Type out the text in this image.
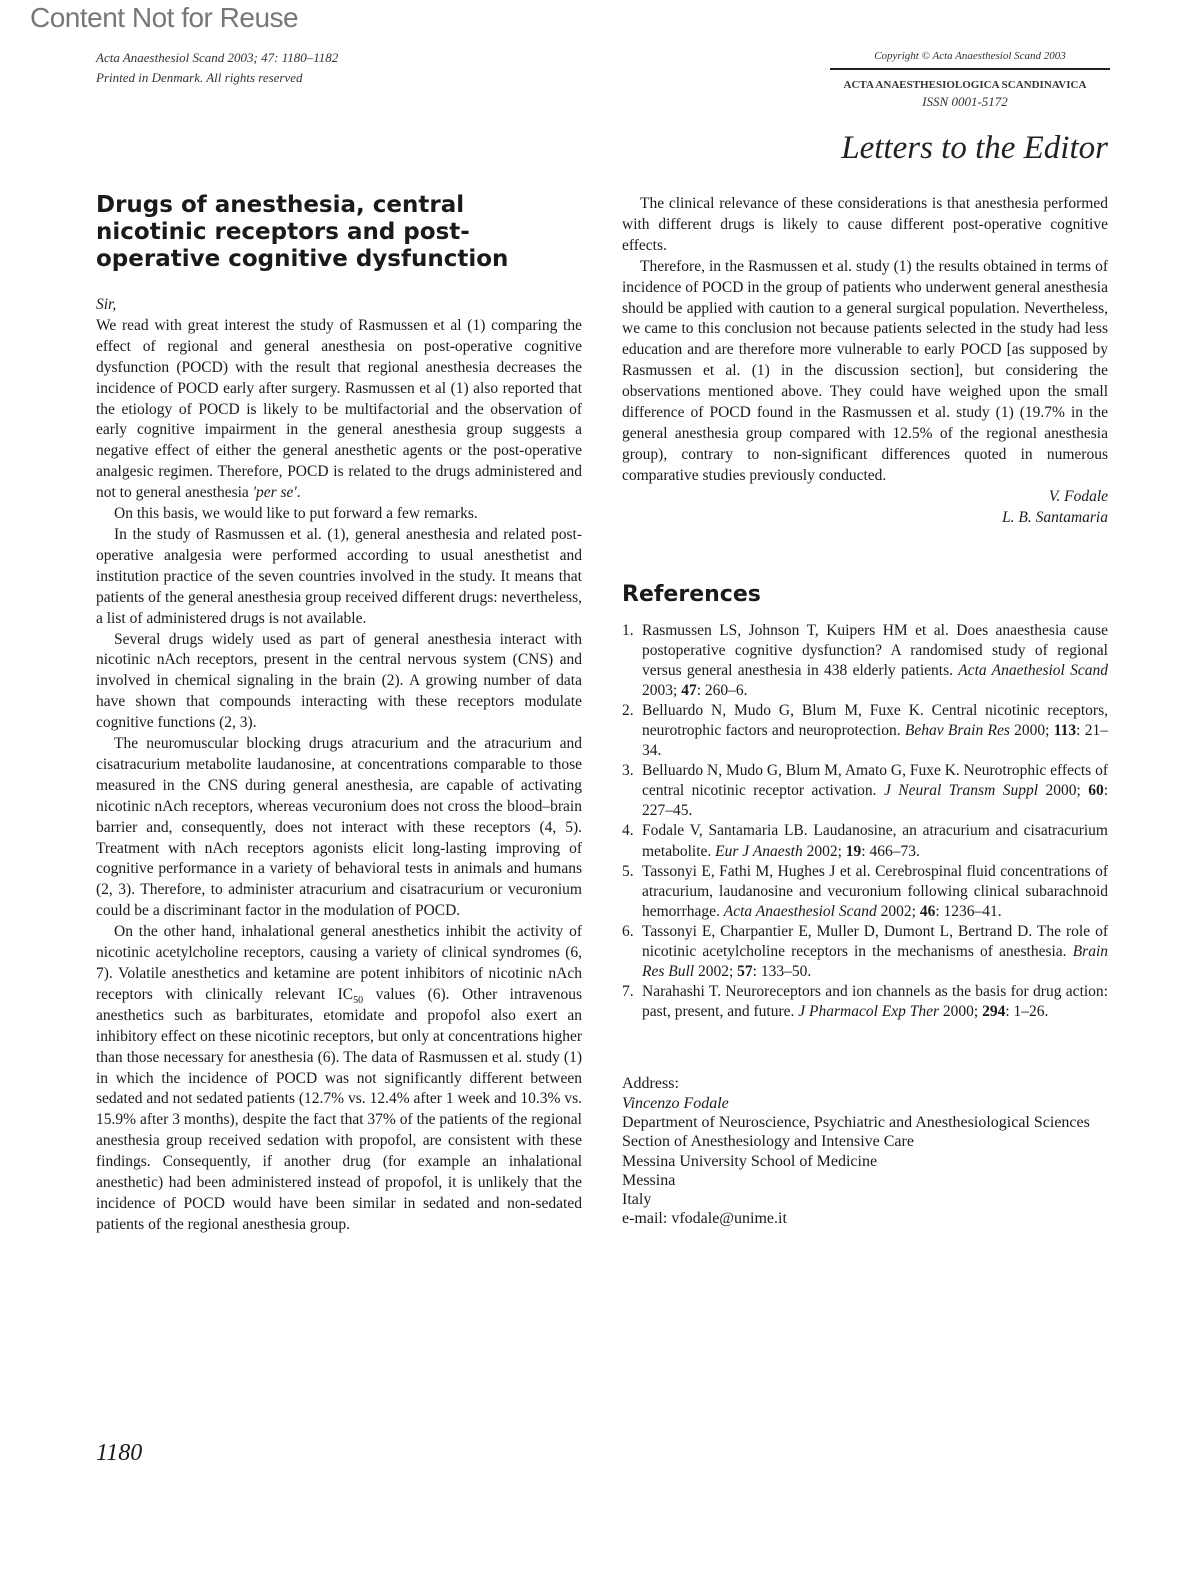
Content Not for Reuse
Acta Anaesthesiol Scand 2003; 47: 1180–1182
Printed in Denmark. All rights reserved
Copyright © Acta Anaesthesiol Scand 2003
ACTA ANAESTHESIOLOGICA SCANDINAVICA
ISSN 0001-5172
Letters to the Editor
Drugs of anesthesia, central nicotinic receptors and post-operative cognitive dysfunction

Sir,

We read with great interest the study of Rasmussen et al (1) comparing the effect of regional and general anesthesia on post-operative cognitive dysfunction (POCD) with the result that regional anesthesia decreases the incidence of POCD early after surgery. Rasmussen et al (1) also reported that the etiology of POCD is likely to be multifactorial and the observation of early cognitive impairment in the general anesthesia group suggests a negative effect of either the general anesthetic agents or the post-operative analgesic regimen. Therefore, POCD is related to the drugs administered and not to general anesthesia 'per se'.

On this basis, we would like to put forward a few remarks.

In the study of Rasmussen et al. (1), general anesthesia and related post-operative analgesia were performed according to usual anesthetist and institution practice of the seven countries involved in the study. It means that patients of the general anesthesia group received different drugs: nevertheless, a list of administered drugs is not available.

Several drugs widely used as part of general anesthesia interact with nicotinic nAch receptors, present in the central nervous system (CNS) and involved in chemical signaling in the brain (2). A growing number of data have shown that compounds interacting with these receptors modulate cognitive functions (2, 3).

The neuromuscular blocking drugs atracurium and the atracurium and cisatracurium metabolite laudanosine, at concentrations comparable to those measured in the CNS during general anesthesia, are capable of activating nicotinic nAch receptors, whereas vecuronium does not cross the blood–brain barrier and, consequently, does not interact with these receptors (4, 5). Treatment with nAch receptors agonists elicit long-lasting improving of cognitive performance in a variety of behavioral tests in animals and humans (2, 3). Therefore, to administer atracurium and cisatracurium or vecuronium could be a discriminant factor in the modulation of POCD.

On the other hand, inhalational general anesthetics inhibit the activity of nicotinic acetylcholine receptors, causing a variety of clinical syndromes (6, 7). Volatile anesthetics and ketamine are potent inhibitors of nicotinic nAch receptors with clinically relevant $IC_{50}$ values (6). Other intravenous anesthetics such as barbiturates, etomidate and propofol also exert an inhibitory effect on these nicotinic receptors, but only at concentrations higher than those necessary for anesthesia (6). The data of Rasmussen et al. study (1) in which the incidence of POCD was not significantly different between sedated and not sedated patients (12.7% vs. 12.4% after 1 week and 10.3% vs. 15.9% after 3 months), despite the fact that 37% of the patients of the regional anesthesia group received sedation with propofol, are consistent with these findings. Consequently, if another drug (for example an inhalational anesthetic) had been administered instead of propofol, it is unlikely that the incidence of POCD would have been similar in sedated and non-sedated patients of the regional anesthesia group.

The clinical relevance of these considerations is that anesthesia performed with different drugs is likely to cause different post-operative cognitive effects.

Therefore, in the Rasmussen et al. study (1) the results obtained in terms of incidence of POCD in the group of patients who underwent general anesthesia should be applied with caution to a general surgical population. Nevertheless, we came to this conclusion not because patients selected in the study had less education and are therefore more vulnerable to early POCD [as supposed by Rasmussen et al. (1) in the discussion section], but considering the observations mentioned above. They could have weighed upon the small difference of POCD found in the Rasmussen et al. study (1) (19.7% in the general anesthesia group compared with 12.5% of the regional anesthesia group), contrary to non-significant differences quoted in numerous comparative studies previously conducted.

V. Fodale

L. B. Santamaria

References
1. Rasmussen LS, Johnson T, Kuipers HM et al. Does anaesthesia cause postoperative cognitive dysfunction? A randomised study of regional versus general anesthesia in 438 elderly patients. Acta Anaethesiol Scand 2003; 47: 260–6.
2. Belluardo N, Mudo G, Blum M, Fuxe K. Central nicotinic receptors, neurotrophic factors and neuroprotection. Behav Brain Res 2000; 113: 21–34.
3. Belluardo N, Mudo G, Blum M, Amato G, Fuxe K. Neurotrophic effects of central nicotinic receptor activation. J Neural Transm Suppl 2000; 60: 227–45.
4. Fodale V, Santamaria LB. Laudanosine, an atracurium and cisatracurium metabolite. Eur J Anaesth 2002; 19: 466–73.
5. Tassonyi E, Fathi M, Hughes J et al. Cerebrospinal fluid concentrations of atracurium, laudanosine and vecuronium following clinical subarachnoid hemorrhage. Acta Anaesthesiol Scand 2002; 46: 1236–41.
6. Tassonyi E, Charpantier E, Muller D, Dumont L, Bertrand D. The role of nicotinic acetylcholine receptors in the mechanisms of anesthesia. Brain Res Bull 2002; 57: 133–50.
7. Narahashi T. Neuroreceptors and ion channels as the basis for drug action: past, present, and future. J Pharmacol Exp Ther 2000; 294: 1–26.
Address:
Vincenzo Fodale
Department of Neuroscience, Psychiatric and Anesthesiological Sciences
Section of Anesthesiology and Intensive Care
Messina University School of Medicine
Messina
Italy
e-mail: vfodale@unime.it
1180
